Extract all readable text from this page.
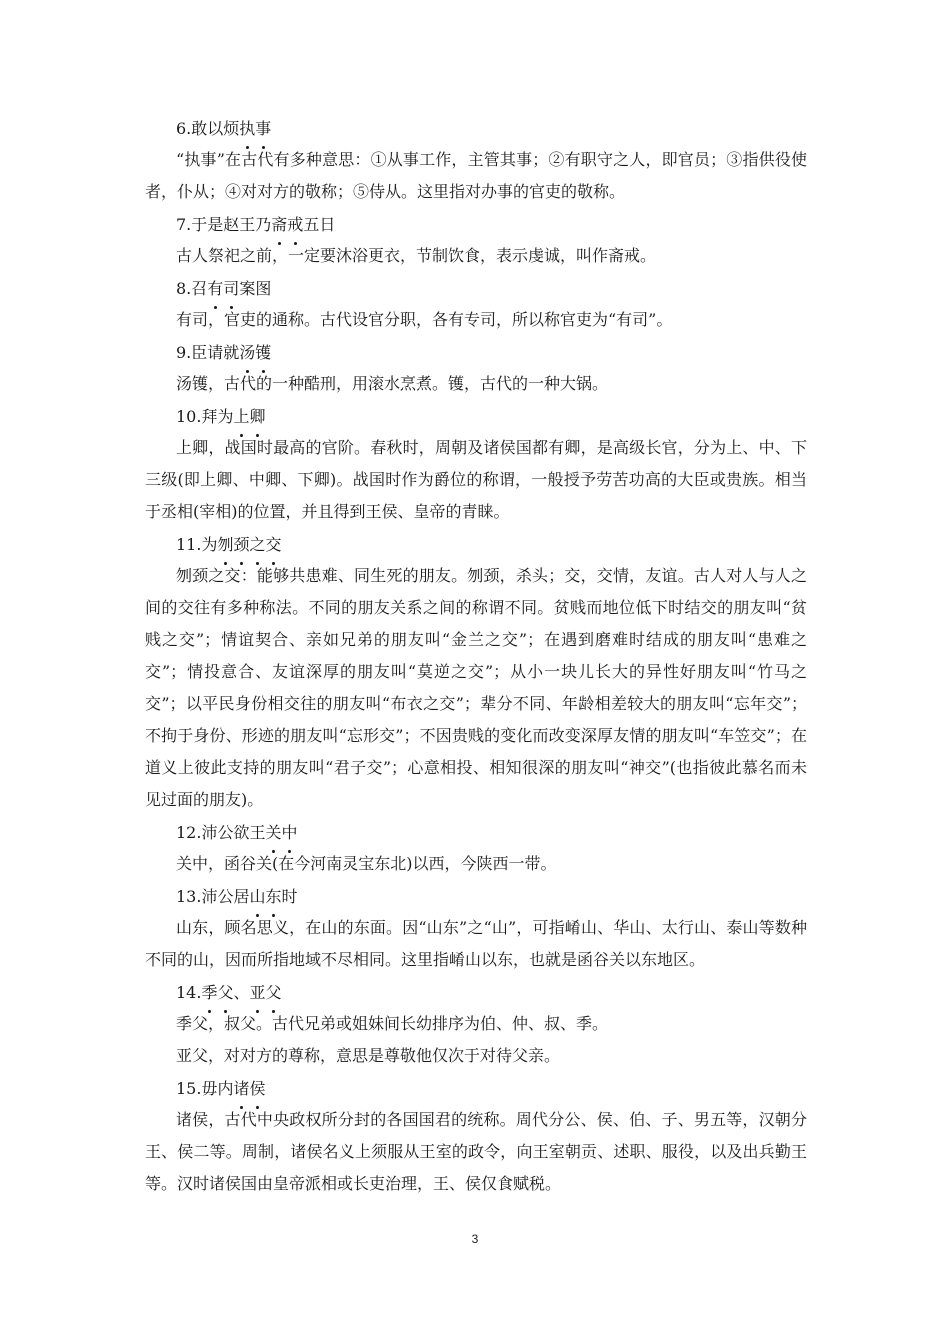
6.敢以烦执事
“执事”在古代有多种意思：①从事工作，主管其事；②有职守之人，即官员；③指供役使者，仆从；④对对方的敬称；⑤侍从。这里指对办事的官吏的敬称。
7.于是赵王乃斋戒五日
古人祭祀之前，一定要沐浴更衣，节制饮食，表示虔诚，叫作斋戒。
8.召有司案图
有司，官吏的通称。古代设官分职，各有专司，所以称官吏为“有司”。
9.臣请就汤镬
汤镬，古代的一种酷刑，用滚水烹煮。镬，古代的一种大锅。
10.拜为上卿
上卿，战国时最高的官阶。春秋时，周朝及诸侯国都有卿，是高级长官，分为上、中、下三级(即上卿、中卿、下卿)。战国时作为爵位的称谓，一般授予劳苦功高的大臣或贵族。相当于丞相(宰相)的位置，并且得到王侯、皇帝的青睐。
11.为刎颈之交
刎颈之交：能够共患难、同生死的朋友。刎颈，杀头；交，交情，友谊。古人对人与人之间的交往有多种称法。不同的朋友关系之间的称谓不同。贫贱而地位低下时结交的朋友叫“贫贱之交”；情谊契合、亲如兄弟的朋友叫“金兰之交”；在遇到磨难时结成的朋友叫“患难之交”；情投意合、友谊深厚的朋友叫“莫逆之交”；从小一块儿长大的异性好朋友叫“竹马之交”；以平民身份相交往的朋友叫“布衣之交”；辈分不同、年龄相差较大的朋友叫“忘年交”；不拘于身份、形迹的朋友叫“忘形交”；不因贵贱的变化而改变深厚友情的朋友叫“车笠交”；在道义上彼此支持的朋友叫“君子交”；心意相投、相知很深的朋友叫“神交”(也指彼此慕名而未见过面的朋友)。
12.沛公欲王关中
关中，函谷关(在今河南灵宝东北)以西，今陕西一带。
13.沛公居山东时
山东，顾名思义，在山的东面。因“山东”之“山”，可指崤山、华山、太行山、泰山等数种不同的山，因而所指地域不尽相同。这里指崤山以东，也就是函谷关以东地区。
14.季父、亚父
季父，叔父。古代兄弟或姐妹间长幼排序为伯、仲、叔、季。
亚父，对对方的尊称，意思是尊敬他仅次于对待父亲。
15.毋内诸侯
诸侯，古代中央政权所分封的各国国君的统称。周代分公、侯、伯、子、男五等，汉朝分王、侯二等。周制，诸侯名义上须服从王室的政令，向王室朝贡、述职、服役，以及出兵勤王等。汉时诸侯国由皇帝派相或长吏治理，王、侯仅食赋税。
3
